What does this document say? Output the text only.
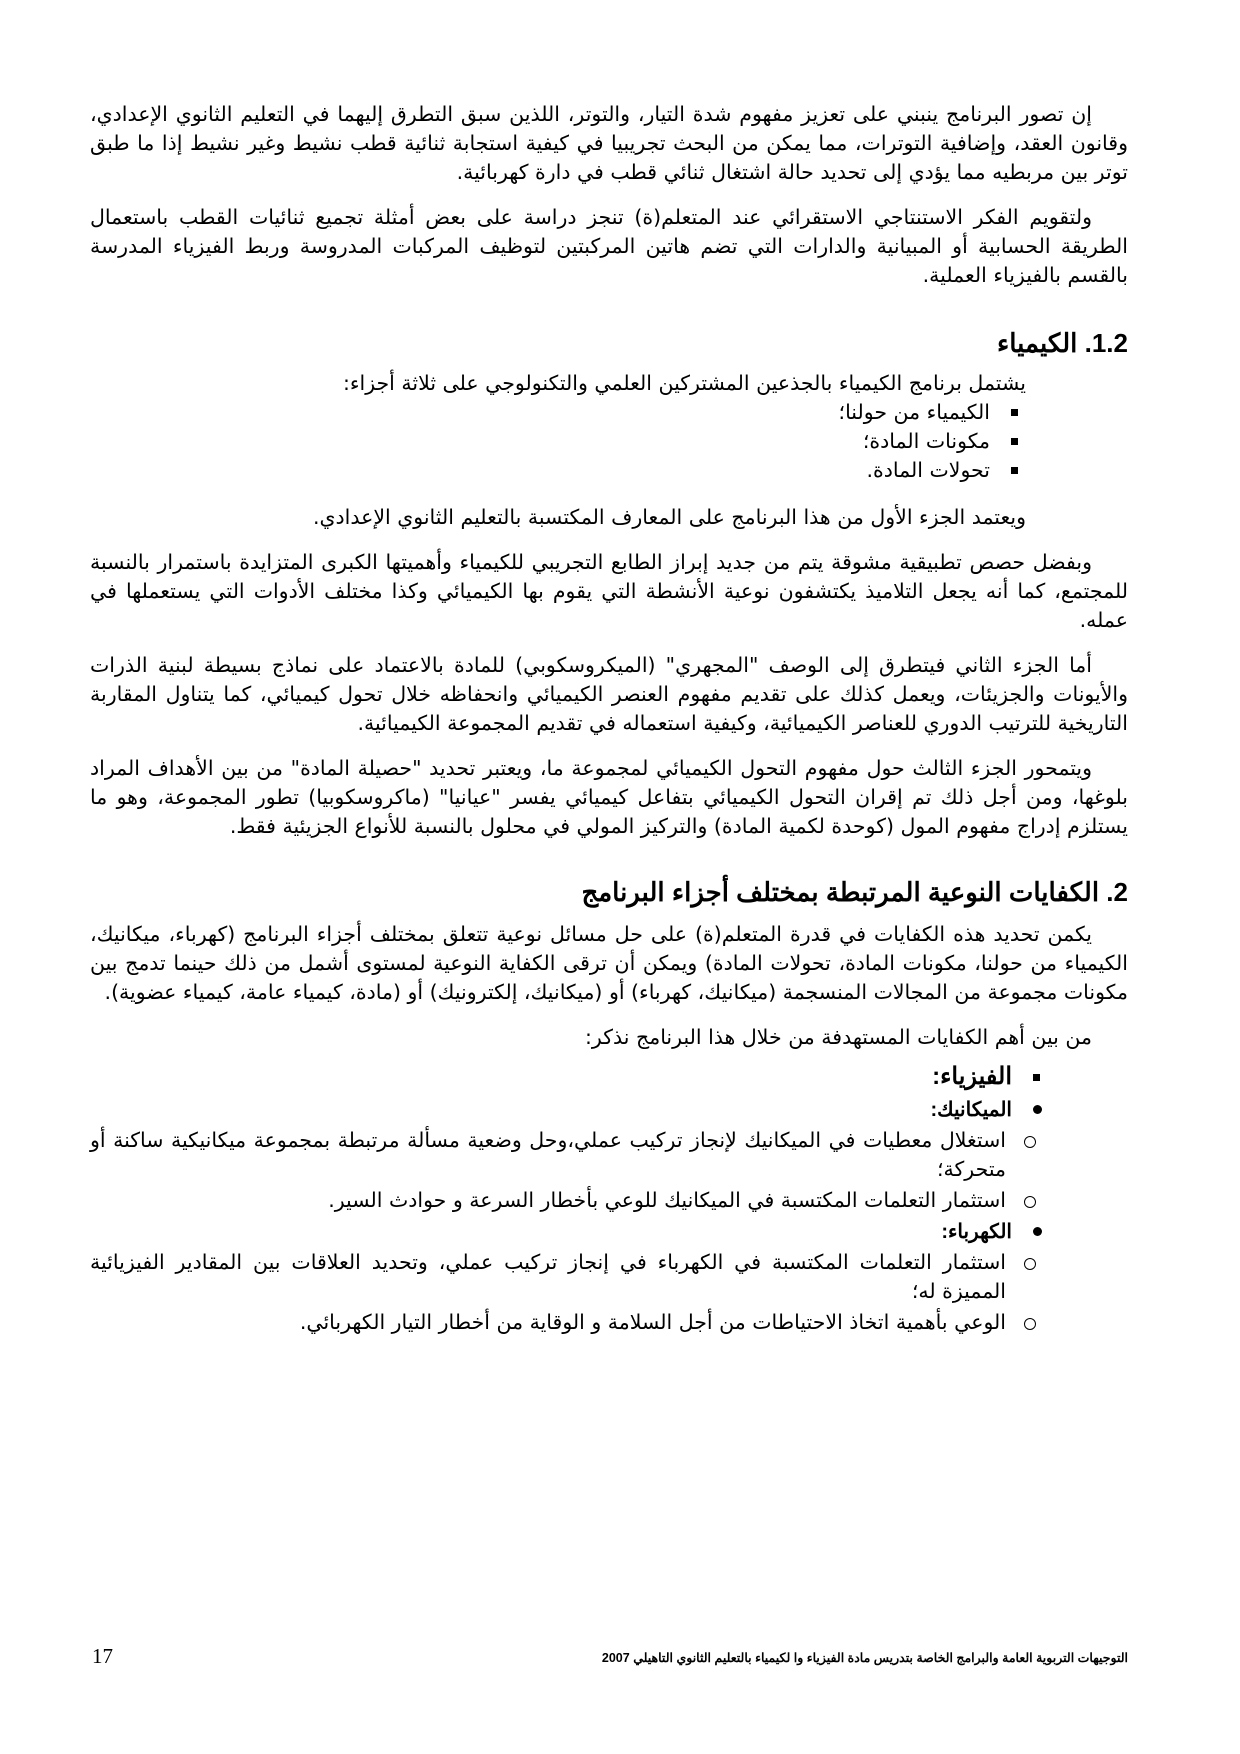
إن تصور البرنامج ينبني على تعزيز مفهوم شدة التيار، والتوتر، اللذين سبق التطرق إليهما في التعليم الثانوي الإعدادي، وقانون العقد، وإضافية التوترات، مما يمكن من البحث تجريبيا في كيفية استجابة ثنائية قطب نشيط وغير نشيط إذا ما طبق توتر بين مربطيه مما يؤدي إلى تحديد حالة اشتغال ثنائي قطب في دارة كهربائية.

ولتقويم الفكر الاستنتاجي الاستقرائي عند المتعلم(ة) تنجز دراسة على بعض أمثلة تجميع ثنائيات القطب باستعمال الطريقة الحسابية أو المبيانية والدارات التي تضم هاتين المركبتين لتوظيف المركبات المدروسة وربط الفيزياء المدرسة بالقسم بالفيزياء العملية.

1.2. الكيمياء

يشتمل برنامج الكيمياء بالجذعين المشتركين العلمي والتكنولوجي على ثلاثة أجزاء:

الكيمياء من حولنا؛
مكونات المادة؛
تحولات المادة.

ويعتمد الجزء الأول من هذا البرنامج على المعارف المكتسبة بالتعليم الثانوي الإعدادي.

وبفضل حصص تطبيقية مشوقة يتم من جديد إبراز الطابع التجريبي للكيمياء وأهميتها الكبرى المتزايدة باستمرار بالنسبة للمجتمع، كما أنه يجعل التلاميذ يكتشفون نوعية الأنشطة التي يقوم بها الكيميائي وكذا مختلف الأدوات التي يستعملها في عمله.

أما الجزء الثاني فيتطرق إلى الوصف "المجهري" (الميكروسكوبي) للمادة بالاعتماد على نماذج بسيطة لبنية الذرات والأيونات والجزيئات، ويعمل كذلك على تقديم مفهوم العنصر الكيميائي وانحفاظه خلال تحول كيميائي، كما يتناول المقاربة التاريخية للترتيب الدوري للعناصر الكيميائية، وكيفية استعماله في تقديم المجموعة الكيميائية.

ويتمحور الجزء الثالث حول مفهوم التحول الكيميائي لمجموعة ما، ويعتبر تحديد "حصيلة المادة" من بين الأهداف المراد بلوغها، ومن أجل ذلك تم إقران التحول الكيميائي بتفاعل كيميائي يفسر "عيانيا" (ماكروسكوبيا) تطور المجموعة، وهو ما يستلزم إدراج مفهوم المول (كوحدة لكمية المادة) والتركيز المولي في محلول بالنسبة للأنواع الجزيئية فقط.

2. الكفايات النوعية المرتبطة بمختلف أجزاء البرنامج

يكمن تحديد هذه الكفايات في قدرة المتعلم(ة) على حل مسائل نوعية تتعلق بمختلف أجزاء البرنامج (كهرباء، ميكانيك، الكيمياء من حولنا، مكونات المادة، تحولات المادة) ويمكن أن ترقى الكفاية النوعية لمستوى أشمل من ذلك حينما تدمج بين مكونات مجموعة من المجالات المنسجمة (ميكانيك، كهرباء) أو (ميكانيك، إلكترونيك) أو (مادة، كيمياء عامة، كيمياء عضوية).

من بين أهم الكفايات المستهدفة من خلال هذا البرنامج نذكر:

الفيزياء:
الميكانيك:
استغلال معطيات في الميكانيك لإنجاز تركيب عملي،وحل وضعية مسألة مرتبطة بمجموعة ميكانيكية ساكنة أو متحركة؛
استثمار التعلمات المكتسبة في الميكانيك للوعي بأخطار السرعة و حوادث السير.
الكهرباء:
استثمار التعلمات المكتسبة في الكهرباء في إنجاز تركيب عملي، وتحديد العلاقات بين المقادير الفيزيائية المميزة له؛
الوعي بأهمية اتخاذ الاحتياطات من أجل السلامة و الوقاية من أخطار التيار الكهربائي.
التوجيهات التربوية العامة والبرامج الخاصة بتدريس مادة الفيزياء وا لكيمياء بالتعليم الثانوي التاهيلي 2007
17
